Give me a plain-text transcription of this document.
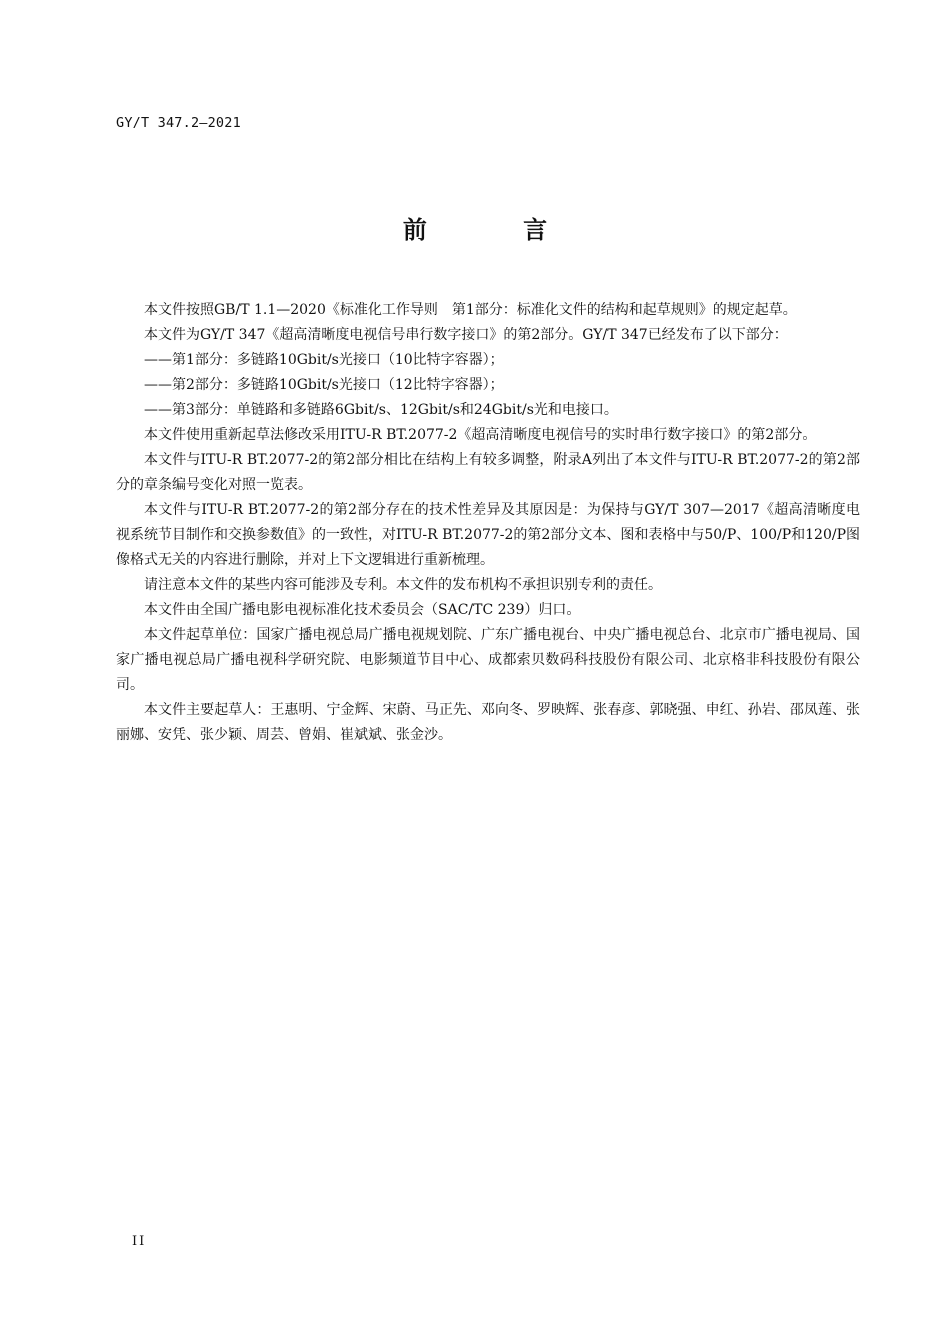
GY/T 347.2—2021
前 言

本文件按照GB/T 1.1—2020《标准化工作导则　第1部分：标准化文件的结构和起草规则》的规定起草。

本文件为GY/T 347《超高清晰度电视信号串行数字接口》的第2部分。GY/T 347已经发布了以下部分：

——第1部分：多链路10Gbit/s光接口（10比特字容器）；

——第2部分：多链路10Gbit/s光接口（12比特字容器）；

——第3部分：单链路和多链路6Gbit/s、12Gbit/s和24Gbit/s光和电接口。

本文件使用重新起草法修改采用ITU-R BT.2077-2《超高清晰度电视信号的实时串行数字接口》的第2部分。

本文件与ITU-R BT.2077-2的第2部分相比在结构上有较多调整，附录A列出了本文件与ITU-R BT.2077-2的第2部分的章条编号变化对照一览表。

本文件与ITU-R BT.2077-2的第2部分存在的技术性差异及其原因是：为保持与GY/T 307—2017《超高清晰度电视系统节目制作和交换参数值》的一致性，对ITU-R BT.2077-2的第2部分文本、图和表格中与50/P、100/P和120/P图像格式无关的内容进行删除，并对上下文逻辑进行重新梳理。

请注意本文件的某些内容可能涉及专利。本文件的发布机构不承担识别专利的责任。

本文件由全国广播电影电视标准化技术委员会（SAC/TC 239）归口。

本文件起草单位：国家广播电视总局广播电视规划院、广东广播电视台、中央广播电视总台、北京市广播电视局、国家广播电视总局广播电视科学研究院、电影频道节目中心、成都索贝数码科技股份有限公司、北京格非科技股份有限公司。

本文件主要起草人：王惠明、宁金辉、宋蔚、马正先、邓向冬、罗映辉、张春彦、郭晓强、申红、孙岩、邵凤莲、张丽娜、安凭、张少颖、周芸、曾娟、崔斌斌、张金沙。

II
